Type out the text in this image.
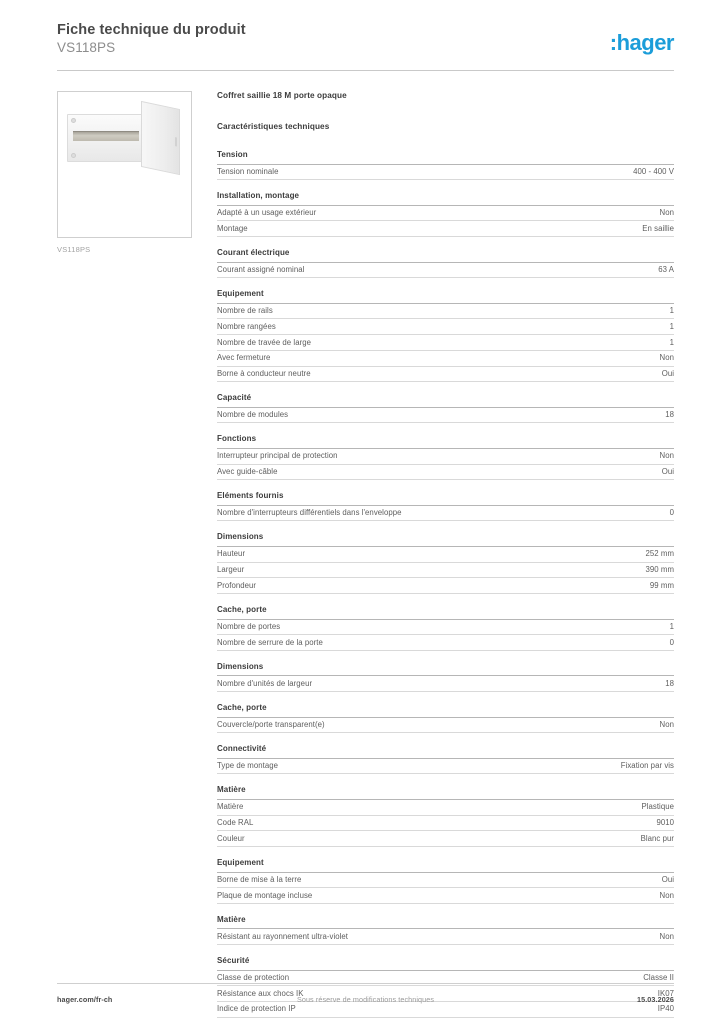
Fiche technique du produit
VS118PS	:hager
VS118PS
Coffret saillie 18 M porte opaque
Caractéristiques techniques
Tension
Tension nominale	400 - 400 V
Installation, montage
Adapté à un usage extérieur	Non
Montage	En saillie
Courant électrique
Courant assigné nominal	63 A
Equipement
Nombre de rails	1
Nombre rangées	1
Nombre de travée de large	1
Avec fermeture	Non
Borne à conducteur neutre	Oui
Capacité
Nombre de modules	18
Fonctions
Interrupteur principal de protection	Non
Avec guide-câble	Oui
Eléments fournis
Nombre d'interrupteurs différentiels dans l'enveloppe	0
Dimensions
Hauteur	252 mm
Largeur	390 mm
Profondeur	99 mm
Cache, porte
Nombre de portes	1
Nombre de serrure de la porte	0
Dimensions
Nombre d'unités de largeur	18
Cache, porte
Couvercle/porte transparent(e)	Non
Connectivité
Type de montage	Fixation par vis
Matière
Matière	Plastique
Code RAL	9010
Couleur	Blanc pur
Equipement
Borne de mise à la terre	Oui
Plaque de montage incluse	Non
Matière
Résistant au rayonnement ultra-violet	Non
Sécurité
Classe de protection	Classe II
Résistance aux chocs IK	IK07
Indice de protection IP	IP40
hager.com/fr-ch	Sous réserve de modifications techniques	15.03.2026
